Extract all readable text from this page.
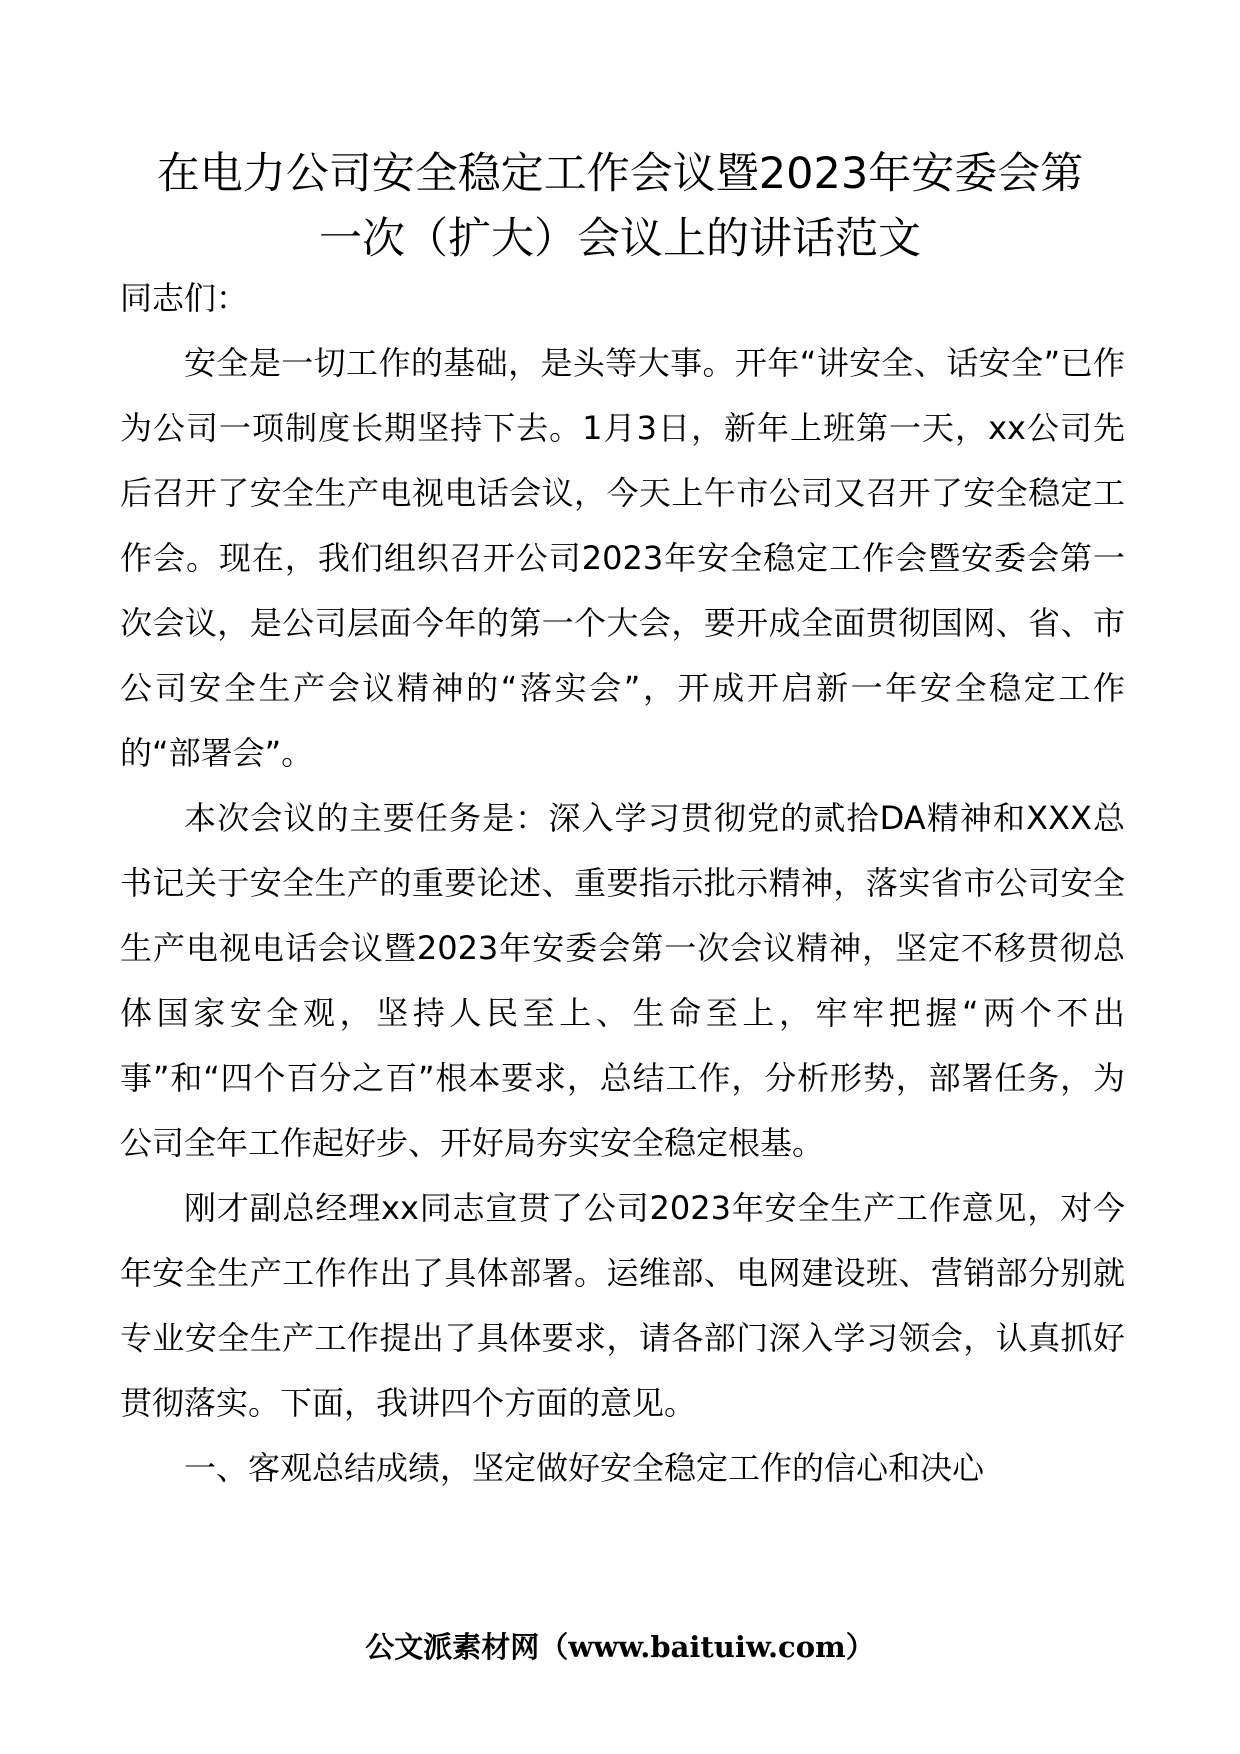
在电力公司安全稳定工作会议暨2023年安委会第
一次（扩大）会议上的讲话范文

同志们：

安全是一切工作的基础，是头等大事。开年“讲安全、话安全”已作为公司一项制度长期坚持下去。1月3日，新年上班第一天，xx公司先后召开了安全生产电视电话会议，今天上午市公司又召开了安全稳定工作会。现在，我们组织召开公司2023年安全稳定工作会暨安委会第一次会议，是公司层面今年的第一个大会，要开成全面贯彻国网、省、市公司安全生产会议精神的“落实会”，开成开启新一年安全稳定工作的“部署会”。

本次会议的主要任务是：深入学习贯彻党的贰拾DA精神和XXX总书记关于安全生产的重要论述、重要指示批示精神，落实省市公司安全生产电视电话会议暨2023年安委会第一次会议精神，坚定不移贯彻总体国家安全观，坚持人民至上、生命至上，牢牢把握“两个不出事”和“四个百分之百”根本要求，总结工作，分析形势，部署任务，为公司全年工作起好步、开好局夯实安全稳定根基。

刚才副总经理xx同志宣贯了公司2023年安全生产工作意见，对今年安全生产工作作出了具体部署。运维部、电网建设班、营销部分别就专业安全生产工作提出了具体要求，请各部门深入学习领会，认真抓好贯彻落实。下面，我讲四个方面的意见。

一、客观总结成绩，坚定做好安全稳定工作的信心和决心

公文派素材网（www.baituiw.com）
